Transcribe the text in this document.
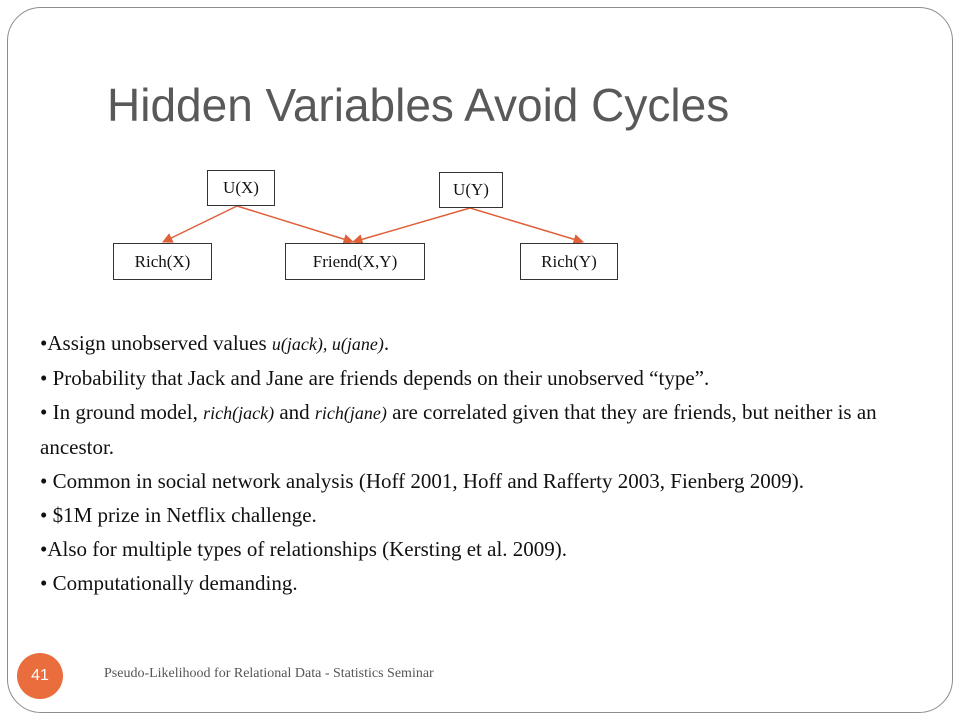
Hidden Variables Avoid Cycles
U(X)	U(Y)
Rich(X)	Friend(X,Y)	Rich(Y)

•Assign unobserved values u(jack), u(jane).

• Probability that Jack and Jane are friends depends on their unobserved “type”.

• In ground model, rich(jack) and rich(jane) are correlated given that they are friends, but neither is an ancestor.

• Common in social network analysis (Hoff 2001, Hoff and Rafferty 2003, Fienberg 2009).

• $1M prize in Netflix challenge.

•Also for multiple types of relationships (Kersting et al. 2009).

• Computationally demanding.

41	Pseudo-Likelihood for Relational Data - Statistics Seminar
